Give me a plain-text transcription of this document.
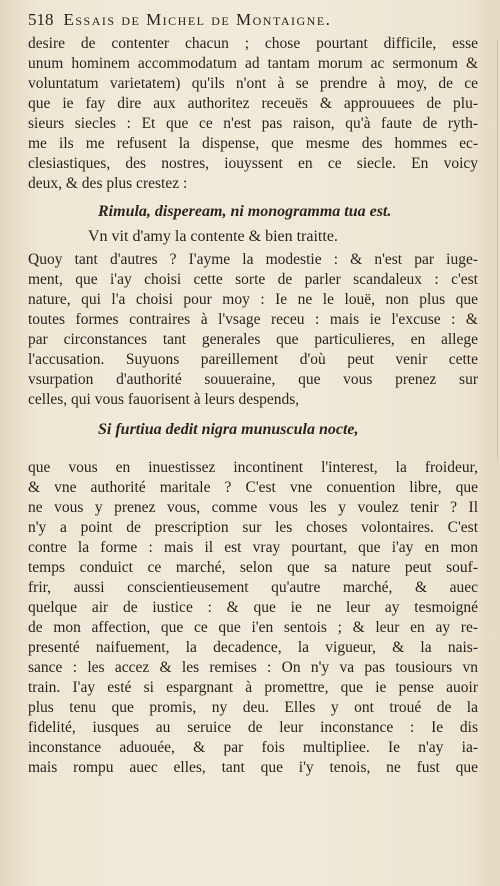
518 Essais de Michel de Montaigne.
desire de contenter chacun ; chose pourtant difficile, esse
unum hominem accommodatum ad tantam morum ac sermonum &
voluntatum varietatem) qu'ils n'ont à se prendre à moy, de ce
que ie fay dire aux authoritez receuës & approuuees de plu-
sieurs siecles : Et que ce n'est pas raison, qu'à faute de ryth-
me ils me refusent la dispense, que mesme des hommes ec-
clesiastiques, des nostres, iouyssent en ce siecle. En voicy
deux, & des plus crestez :
Rimula, dispeream, ni monogramma tua est.
Vn vit d'amy la contente & bien traitte.
Quoy tant d'autres ? I'ayme la modestie : & n'est par iuge-
ment, que i'ay choisi cette sorte de parler scandaleux : c'est
nature, qui l'a choisi pour moy : Ie ne le louë, non plus que
toutes formes contraires à l'vsage receu : mais ie l'excuse : &
par circonstances tant generales que particulieres, en allege
l'accusation. Suyuons pareillement d'où peut venir cette
vsurpation d'authorité souueraine, que vous prenez sur
celles, qui vous fauorisent à leurs despends,
Si furtiua dedit nigra munuscula nocte,
que vous en inuestissez incontinent l'interest, la froideur,
& vne authorité maritale ? C'est vne conuention libre, que
ne vous y prenez vous, comme vous les y voulez tenir ? Il
n'y a point de prescription sur les choses volontaires. C'est
contre la forme : mais il est vray pourtant, que i'ay en mon
temps conduict ce marché, selon que sa nature peut souf-
frir, aussi conscientieusement qu'autre marché, & auec
quelque air de iustice : & que ie ne leur ay tesmoigné
de mon affection, que ce que i'en sentois ; & leur en ay re-
presenté naifuement, la decadence, la vigueur, & la nais-
sance : les accez & les remises : On n'y va pas tousiours vn
train. I'ay esté si espargnant à promettre, que ie pense auoir
plus tenu que promis, ny deu. Elles y ont troué de la
fidelité, iusques au seruice de leur inconstance : Ie dis
inconstance aduouée, & par fois multipliee. Ie n'ay ia-
mais rompu auec elles, tant que i'y tenois, ne fust que
